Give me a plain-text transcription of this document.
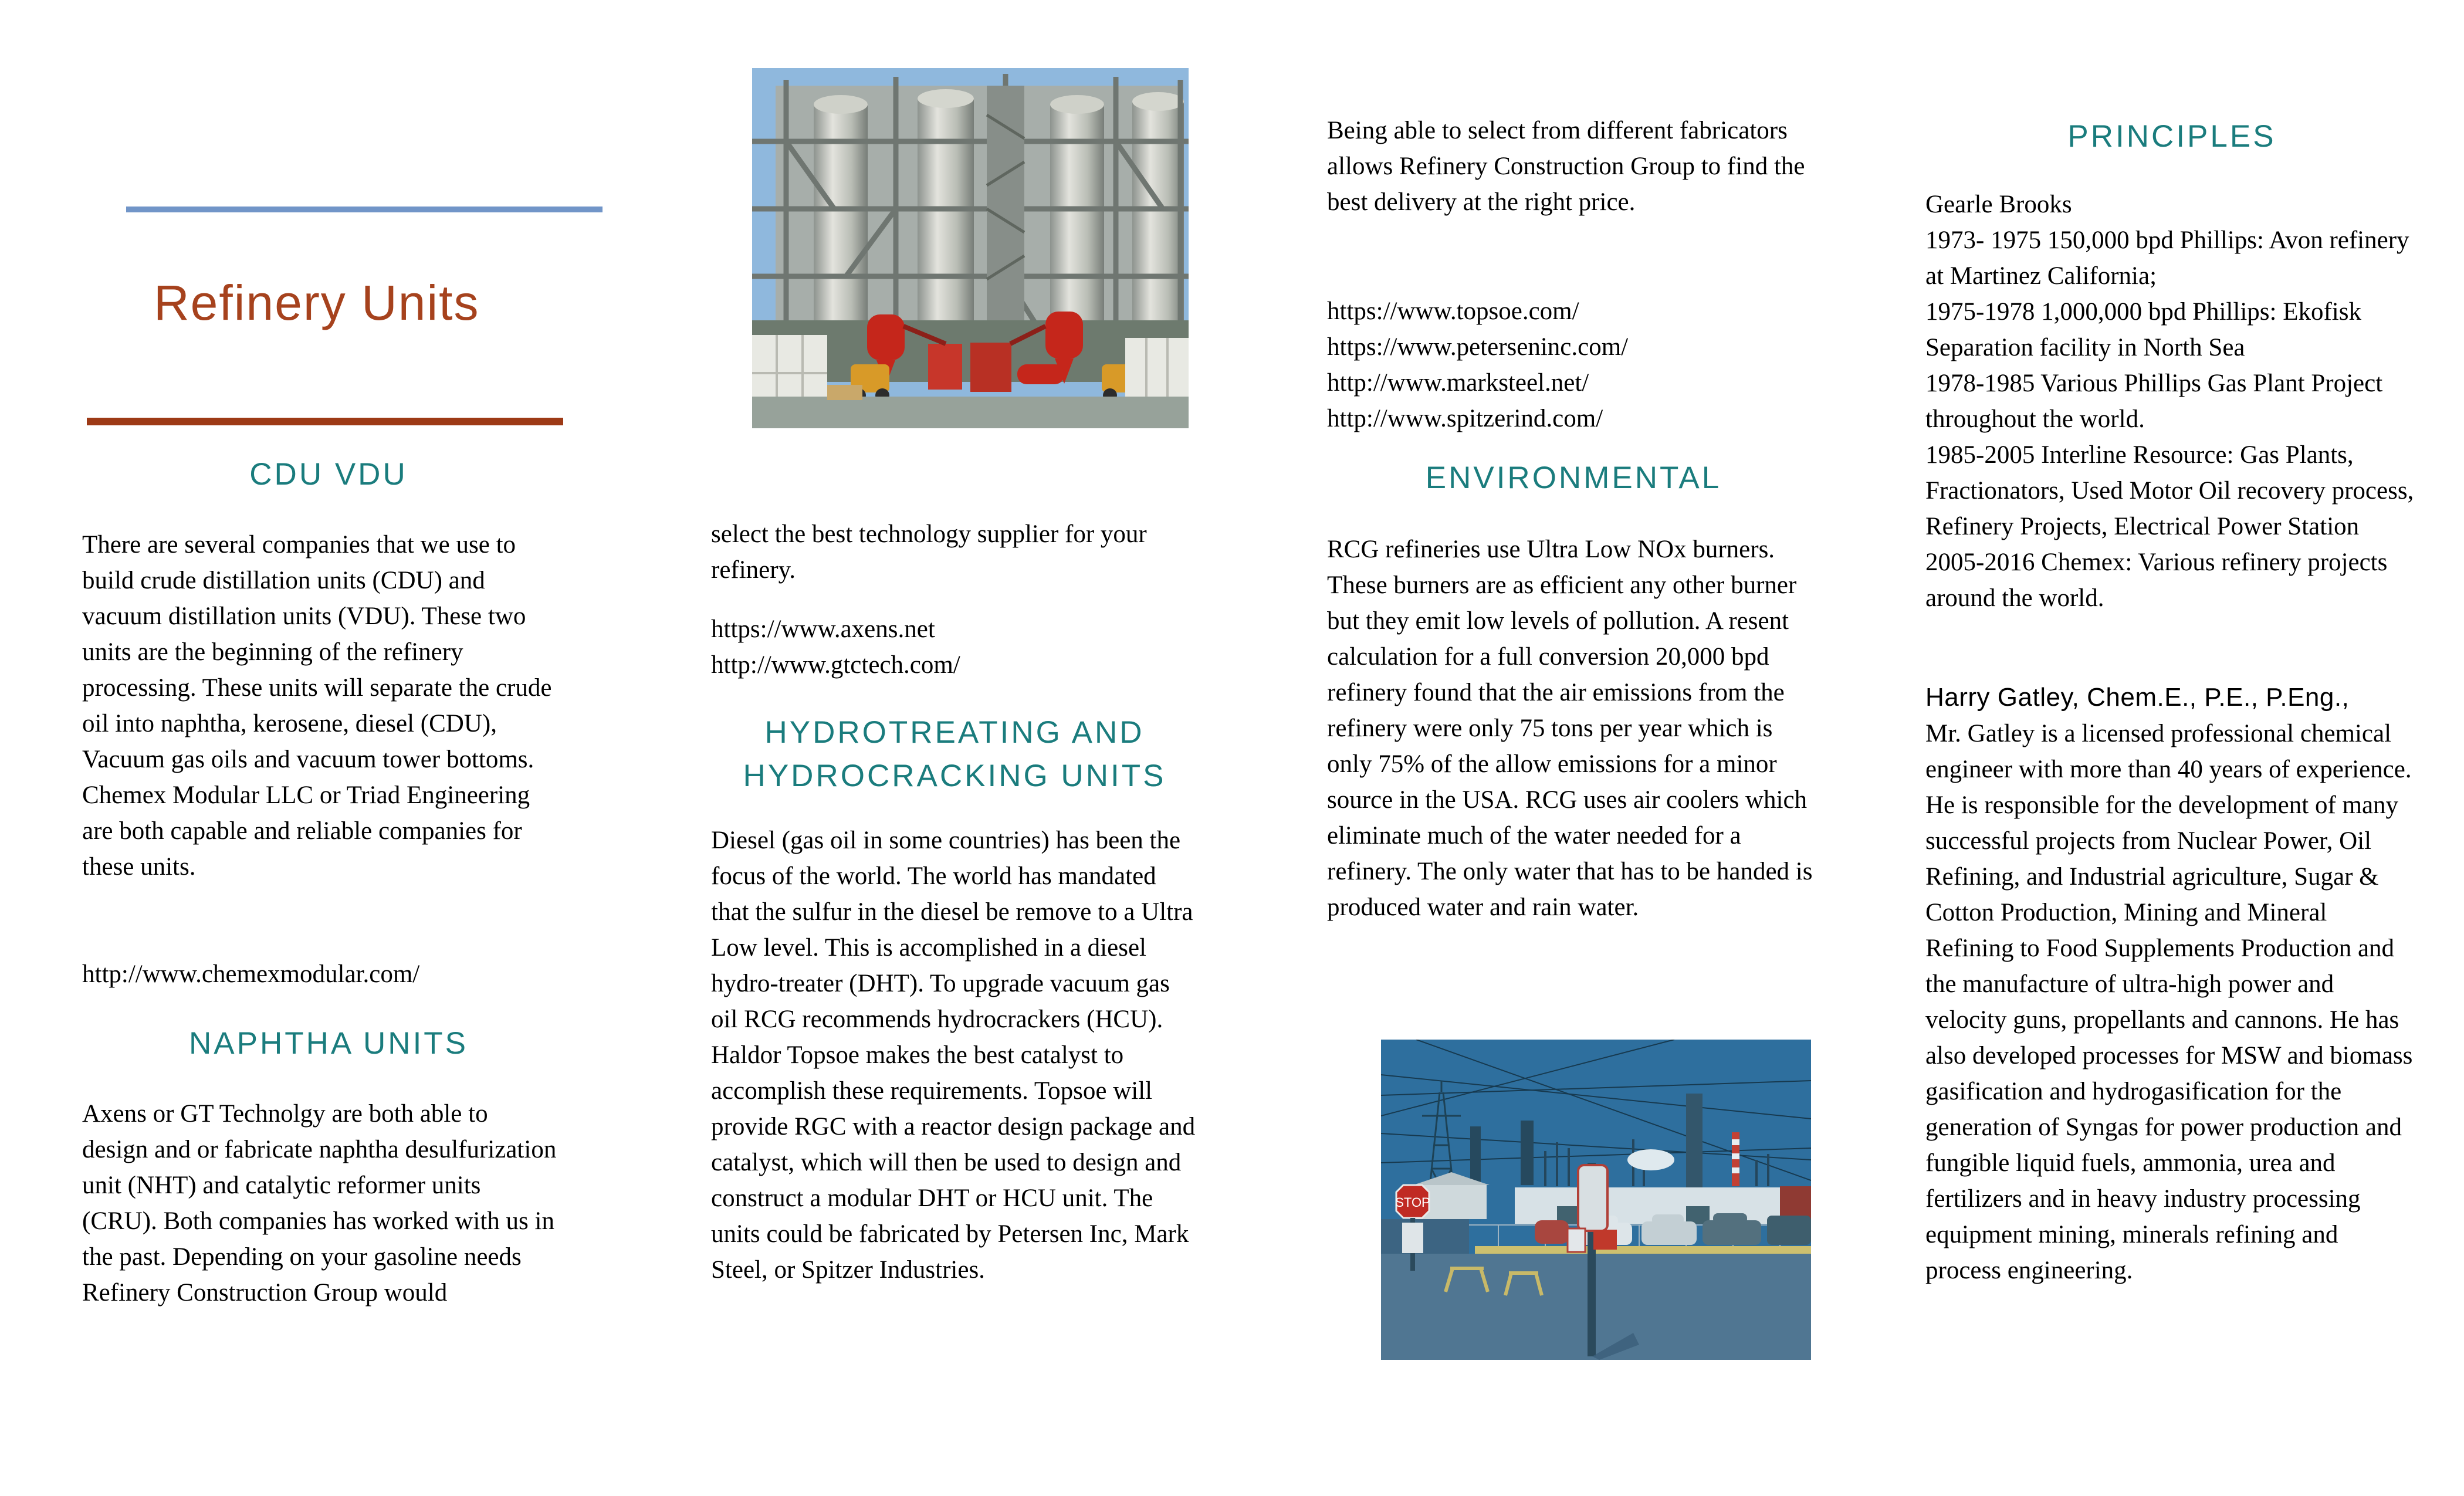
Refinery Units
CDU VDU
There are several companies that we use to build crude distillation units (CDU) and vacuum distillation units (VDU). These two units are the beginning of the refinery processing. These units will separate the crude oil into naphtha, kerosene, diesel (CDU), Vacuum gas oils and vacuum tower bottoms. Chemex Modular LLC or Triad Engineering are both capable and reliable companies for these units.
http://www.chemexmodular.com/
NAPHTHA UNITS
Axens or GT Technolgy are both able to design and or fabricate naphtha desulfurization unit (NHT) and catalytic reformer units (CRU). Both companies has worked with us in the past. Depending on your gasoline needs Refinery Construction Group would
select the best technology supplier for your refinery.
https://www.axens.net
http://www.gtctech.com/
HYDROTREATING AND HYDROCRACKING UNITS
Diesel (gas oil in some countries) has been the focus of the world. The world has mandated that the sulfur in the diesel be remove to a Ultra Low level. This is accomplished in a diesel hydro-treater (DHT). To upgrade vacuum gas oil RCG recommends hydrocrackers (HCU). Haldor Topsoe makes the best catalyst to accomplish these requirements. Topsoe will provide RGC with a reactor design package and catalyst, which will then be used to design and construct a modular DHT or HCU unit. The units could be fabricated by Petersen Inc, Mark Steel, or Spitzer Industries.
Being able to select from different fabricators allows Refinery Construction Group to find the best delivery at the right price.
https://www.topsoe.com/
https://www.peterseninc.com/
http://www.marksteel.net/
http://www.spitzerind.com/
ENVIRONMENTAL
RCG refineries use Ultra Low NOx burners. These burners are as efficient any other burner but they emit low levels of pollution. A resent calculation for a full conversion 20,000 bpd refinery found that the air emissions from the refinery were only 75 tons per year which is only 75% of the allow emissions for a minor source in the USA. RCG uses air coolers which eliminate much of the water needed for a refinery. The only water that has to be handed is produced water and rain water.
STOP
PRINCIPLES
Gearle Brooks
1973- 1975 150,000 bpd Phillips: Avon refinery at Martinez California;
1975-1978 1,000,000 bpd Phillips: Ekofisk Separation facility in North Sea
1978-1985 Various Phillips Gas Plant Project throughout the world.
1985-2005 Interline Resource: Gas Plants, Fractionators, Used Motor Oil recovery process, Refinery Projects, Electrical Power Station
2005-2016 Chemex: Various refinery projects around the world.
Harry Gatley, Chem.E., P.E., P.Eng.,
Mr. Gatley is a licensed professional chemical engineer with more than 40 years of experience. He is responsible for the development of many successful projects from Nuclear Power, Oil Refining, and Industrial agriculture, Sugar & Cotton Production, Mining and Mineral Refining to Food Supplements Production and the manufacture of ultra-high power and velocity guns, propellants and cannons. He has also developed processes for MSW and biomass gasification and hydrogasification for the generation of Syngas for power production and fungible liquid fuels, ammonia, urea and fertilizers and in heavy industry processing equipment mining, minerals refining and process engineering.
